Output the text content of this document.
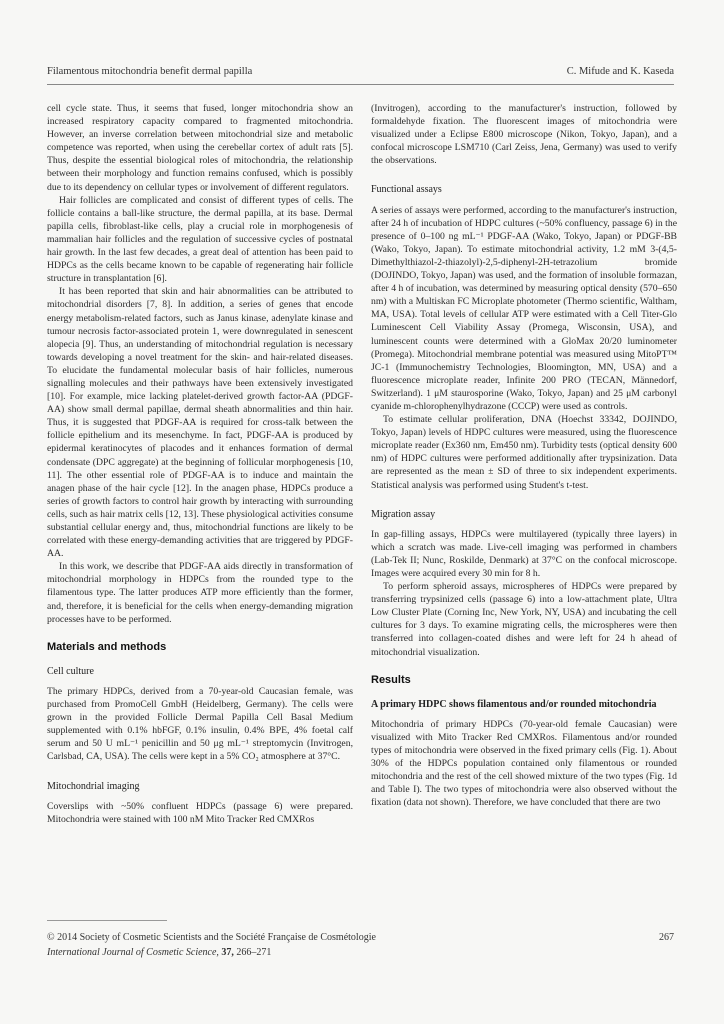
Filamentous mitochondria benefit dermal papilla	C. Mifude and K. Kaseda

cell cycle state. Thus, it seems that fused, longer mitochondria show an increased respiratory capacity compared to fragmented mitochondria. However, an inverse correlation between mitochondrial size and metabolic competence was reported, when using the cerebellar cortex of adult rats [5]. Thus, despite the essential biological roles of mitochondria, the relationship between their morphology and function remains confused, which is possibly due to its dependency on cellular types or involvement of different regulators.

Hair follicles are complicated and consist of different types of cells. The follicle contains a ball-like structure, the dermal papilla, at its base. Dermal papilla cells, fibroblast-like cells, play a crucial role in morphogenesis of mammalian hair follicles and the regulation of successive cycles of postnatal hair growth. In the last few decades, a great deal of attention has been paid to HDPCs as the cells became known to be capable of regenerating hair follicle structure in transplantation [6].

It has been reported that skin and hair abnormalities can be attributed to mitochondrial disorders [7, 8]. In addition, a series of genes that encode energy metabolism-related factors, such as Janus kinase, adenylate kinase and tumour necrosis factor-associated protein 1, were downregulated in senescent alopecia [9]. Thus, an understanding of mitochondrial regulation is necessary towards developing a novel treatment for the skin- and hair-related diseases. To elucidate the fundamental molecular basis of hair follicles, numerous signalling molecules and their pathways have been extensively investigated [10]. For example, mice lacking platelet-derived growth factor-AA (PDGF-AA) show small dermal papillae, dermal sheath abnormalities and thin hair. Thus, it is suggested that PDGF-AA is required for cross-talk between the follicle epithelium and its mesenchyme. In fact, PDGF-AA is produced by epidermal keratinocytes of placodes and it enhances formation of dermal condensate (DPC aggregate) at the beginning of follicular morphogenesis [10, 11]. The other essential role of PDGF-AA is to induce and maintain the anagen phase of the hair cycle [12]. In the anagen phase, HDPCs produce a series of growth factors to control hair growth by interacting with surrounding cells, such as hair matrix cells [12, 13]. These physiological activities consume substantial cellular energy and, thus, mitochondrial functions are likely to be correlated with these energy-demanding activities that are triggered by PDGF-AA.

In this work, we describe that PDGF-AA aids directly in transformation of mitochondrial morphology in HDPCs from the rounded type to the filamentous type. The latter produces ATP more efficiently than the former, and, therefore, it is beneficial for the cells when energy-demanding migration processes have to be performed.

Materials and methods
Cell culture

The primary HDPCs, derived from a 70-year-old Caucasian female, was purchased from PromoCell GmbH (Heidelberg, Germany). The cells were grown in the provided Follicle Dermal Papilla Cell Basal Medium supplemented with 0.1% hbFGF, 0.1% insulin, 0.4% BPE, 4% foetal calf serum and 50 U mL⁻¹ penicillin and 50 μg mL⁻¹ streptomycin (Invitrogen, Carlsbad, CA, USA). The cells were kept in a 5% CO₂ atmosphere at 37°C.

Mitochondrial imaging

Coverslips with ~50% confluent HDPCs (passage 6) were prepared. Mitochondria were stained with 100 nM Mito Tracker Red CMXRos

(Invitrogen), according to the manufacturer's instruction, followed by formaldehyde fixation. The fluorescent images of mitochondria were visualized under a Eclipse E800 microscope (Nikon, Tokyo, Japan), and a confocal microscope LSM710 (Carl Zeiss, Jena, Germany) was used to verify the observations.

Functional assays

A series of assays were performed, according to the manufacturer's instruction, after 24 h of incubation of HDPC cultures (~50% confluency, passage 6) in the presence of 0–100 ng mL⁻¹ PDGF-AA (Wako, Tokyo, Japan) or PDGF-BB (Wako, Tokyo, Japan). To estimate mitochondrial activity, 1.2 mM 3-(4,5-Dimethylthiazol-2-thiazolyl)-2,5-diphenyl-2H-tetrazolium bromide (DOJINDO, Tokyo, Japan) was used, and the formation of insoluble formazan, after 4 h of incubation, was determined by measuring optical density (570–650 nm) with a Multiskan FC Microplate photometer (Thermo scientific, Waltham, MA, USA). Total levels of cellular ATP were estimated with a Cell Titer-Glo Luminescent Cell Viability Assay (Promega, Wisconsin, USA), and luminescent counts were determined with a GloMax 20/20 luminometer (Promega). Mitochondrial membrane potential was measured using MitoPT™ JC-1 (Immunochemistry Technologies, Bloomington, MN, USA) and a fluorescence microplate reader, Infinite 200 PRO (TECAN, Männedorf, Switzerland). 1 μM staurosporine (Wako, Tokyo, Japan) and 25 μM carbonyl cyanide m-chlorophenylhydrazone (CCCP) were used as controls.

To estimate cellular proliferation, DNA (Hoechst 33342, DOJINDO, Tokyo, Japan) levels of HDPC cultures were measured, using the fluorescence microplate reader (Ex360 nm, Em450 nm). Turbidity tests (optical density 600 nm) of HDPC cultures were performed additionally after trypsinization. Data are represented as the mean ± SD of three to six independent experiments. Statistical analysis was performed using Student's t-test.

Migration assay

In gap-filling assays, HDPCs were multilayered (typically three layers) in which a scratch was made. Live-cell imaging was performed in chambers (Lab-Tek II; Nunc, Roskilde, Denmark) at 37°C on the confocal microscope. Images were acquired every 30 min for 8 h.

To perform spheroid assays, microspheres of HDPCs were prepared by transferring trypsinized cells (passage 6) into a low-attachment plate, Ultra Low Cluster Plate (Corning Inc, New York, NY, USA) and incubating the cell cultures for 3 days. To examine migrating cells, the microspheres were then transferred into collagen-coated dishes and were left for 24 h ahead of mitochondrial visualization.

Results
A primary HDPC shows filamentous and/or rounded mitochondria

Mitochondria of primary HDPCs (70-year-old female Caucasian) were visualized with Mito Tracker Red CMXRos. Filamentous and/or rounded types of mitochondria were observed in the fixed primary cells (Fig. 1). About 30% of the HDPCs population contained only filamentous or rounded mitochondria and the rest of the cell showed mixture of the two types (Fig. 1d and Table I). The two types of mitochondria were also observed without the fixation (data not shown). Therefore, we have concluded that there are two

© 2014 Society of Cosmetic Scientists and the Société Française de Cosmétologie
International Journal of Cosmetic Science, 37, 266–271
267
